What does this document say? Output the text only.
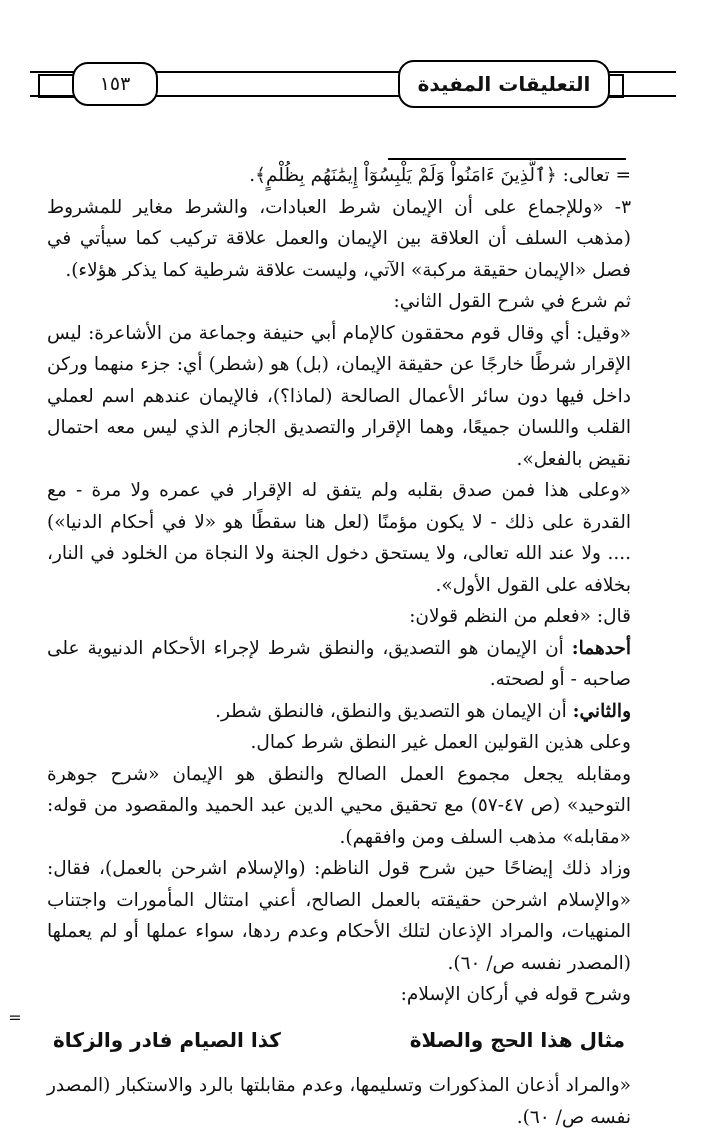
التعليقات المفيدة
١٥٣

= تعالى: ﴿ٱلَّذِينَ ءَامَنُواْ وَلَمْ يَلْبِسُوٓاْ إِيمَٰنَهُم بِظُلْمٍ﴾.

٣- «وللإجماع على أن الإيمان شرط العبادات، والشرط مغاير للمشروط (مذهب السلف أن العلاقة بين الإيمان والعمل علاقة تركيب كما سيأتي في فصل «الإيمان حقيقة مركبة» الآتي، وليست علاقة شرطية كما يذكر هؤلاء).

ثم شرع في شرح القول الثاني:

«وقيل: أي وقال قوم محققون كالإمام أبي حنيفة وجماعة من الأشاعرة: ليس الإقرار شرطًا خارجًا عن حقيقة الإيمان، (بل) هو (شطر) أي: جزء منهما وركن داخل فيها دون سائر الأعمال الصالحة (لماذا؟)، فالإيمان عندهم اسم لعملي القلب واللسان جميعًا، وهما الإقرار والتصديق الجازم الذي ليس معه احتمال نقيض بالفعل».

«وعلى هذا فمن صدق بقلبه ولم يتفق له الإقرار في عمره ولا مرة - مع القدرة على ذلك - لا يكون مؤمنًا (لعل هنا سقطًا هو «لا في أحكام الدنيا») .... ولا عند الله تعالى، ولا يستحق دخول الجنة ولا النجاة من الخلود في النار، بخلافه على القول الأول».

قال: «فعلم من النظم قولان:

أحدهما: أن الإيمان هو التصديق، والنطق شرط لإجراء الأحكام الدنيوية على صاحبه - أو لصحته.

والثاني: أن الإيمان هو التصديق والنطق، فالنطق شطر.

وعلى هذين القولين العمل غير النطق شرط كمال.

ومقابله يجعل مجموع العمل الصالح والنطق هو الإيمان «شرح جوهرة التوحيد» (ص ٤٧-٥٧) مع تحقيق محيي الدين عبد الحميد والمقصود من قوله: «مقابله» مذهب السلف ومن وافقهم).

وزاد ذلك إيضاحًا حين شرح قول الناظم: (والإسلام اشرحن بالعمل)، فقال: «والإسلام اشرحن حقيقته بالعمل الصالح، أعني امتثال المأمورات واجتناب المنهيات، والمراد الإذعان لتلك الأحكام وعدم ردها، سواء عملها أو لم يعملها (المصدر نفسه ص/ ٦٠).

وشرح قوله في أركان الإسلام:

مثال هذا الحج والصلاة
كذا الصيام فادر والزكاة

«والمراد أذعان المذكورات وتسليمها، وعدم مقابلتها بالرد والاستكبار (المصدر نفسه ص/ ٦٠).

=
